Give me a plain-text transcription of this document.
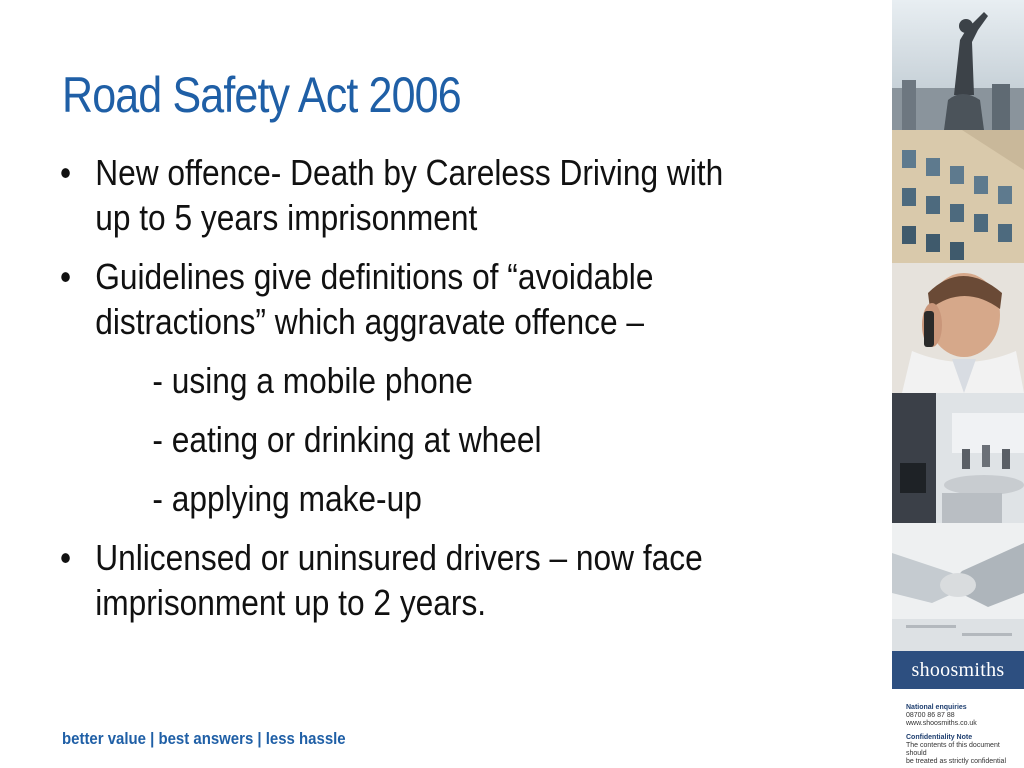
Road Safety Act 2006
• New offence- Death by Careless Driving with
up to 5 years imprisonment
• Guidelines give definitions of “avoidable
distractions” which aggravate offence –
- using a mobile phone
- eating or drinking at wheel
- applying make-up
• Unlicensed or uninsured drivers – now face
imprisonment up to 2 years.
better value | best answers | less hassle
shoosmiths
National enquiries
08700 86 87 88
www.shoosmiths.co.uk
Confidentiality Note
The contents of this document should
be treated as strictly confidential
